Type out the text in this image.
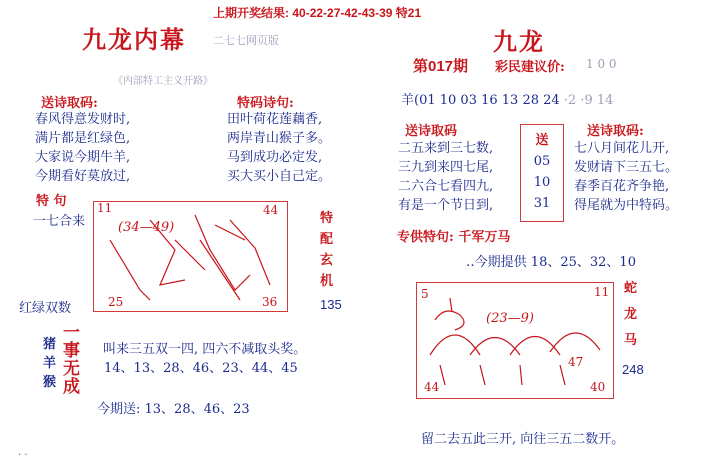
上期开奖结果: 40-22-27-42-43-39 特21
九龙内幕 二七七网页版
《内部特工主义开路》
送诗取码:
春风得意发财时,
满片都是红绿色,
大家说今期牛羊,
今期看好莫放过,
特码诗句:
田叶荷花莲藕香,
两岸青山猴子多。
马到成功必定发,
买大买小自己定。
特 句
一七合来
11	44
(34—49)
25	36
特
配
玄
机
红绿双数	135
猪
羊
猴
一
事
无
成
叫来三五双一四, 四六不减取头奖。
14、13、28、46、23、44、45
今期送: 13、28、46、23
九龙
第017期 彩民建议价: 1 0 0
羊(01 10 03 16 13 28 24 ·2 ·9 14
送诗取码
二五来到三七数,
三九到来四七尾,
二六合七看四九,
有是一个节日到,
送
05
10
31
送诗取码:
七八月间花儿开,
发财请下三五七。
春季百花齐争艳,
得尾就为中特码。
专供特句: 千军万马
‥今期提供 18、25、32、10
5	11
(23—9)
47
44	40
蛇
龙
马
248
留二去五此三开, 向往三五二数开。
. .
